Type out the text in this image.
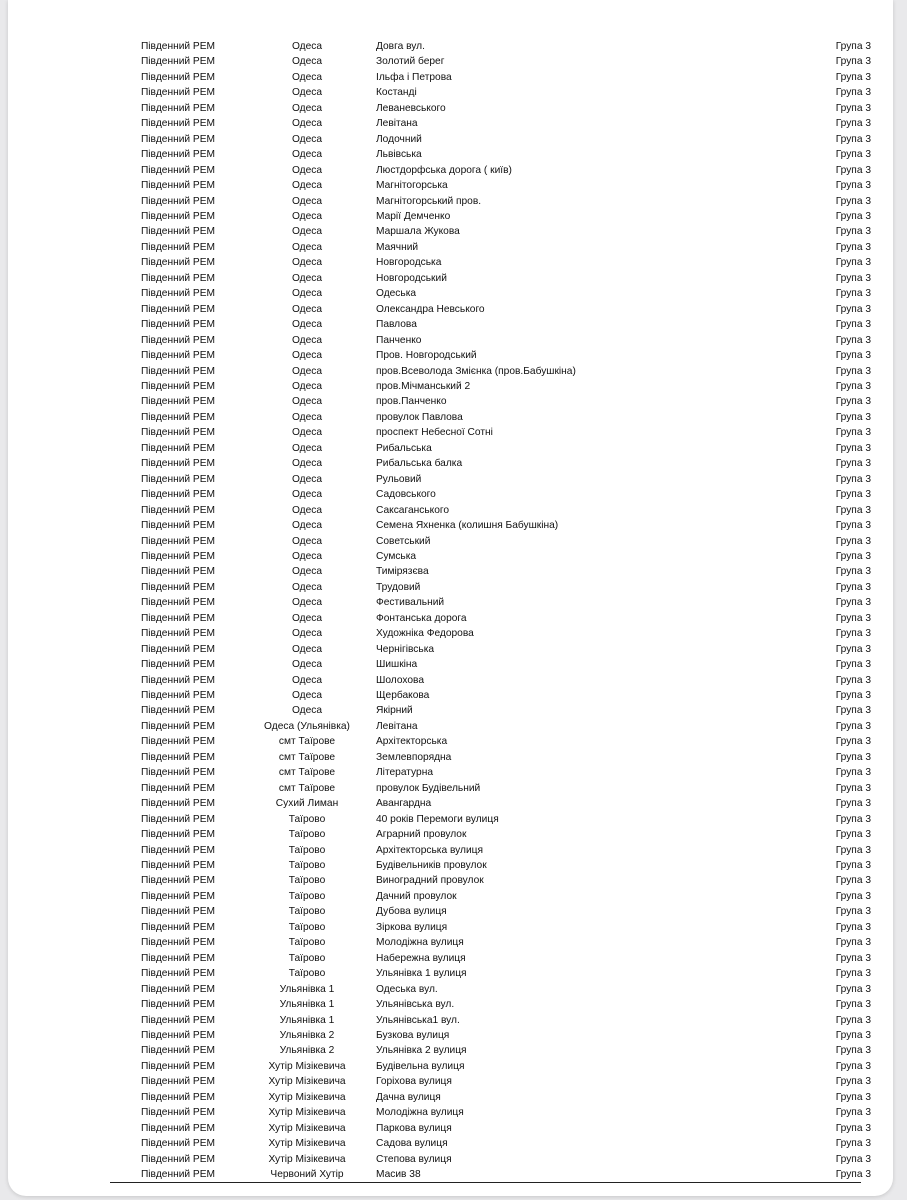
Південний РЕМ	Одеса	Довга вул.	Група 3
Південний РЕМ	Одеса	Золотий берег	Група 3
Південний РЕМ	Одеса	Ільфа і Петрова	Група 3
Південний РЕМ	Одеса	Костанді	Група 3
Південний РЕМ	Одеса	Леваневського	Група 3
Південний РЕМ	Одеса	Левітана	Група 3
Південний РЕМ	Одеса	Лодочний	Група 3
Південний РЕМ	Одеса	Львівська	Група 3
Південний РЕМ	Одеса	Люстдорфська дорога ( київ)	Група 3
Південний РЕМ	Одеса	Магнітогорська	Група 3
Південний РЕМ	Одеса	Магнітогорський пров.	Група 3
Південний РЕМ	Одеса	Марії Демченко	Група 3
Південний РЕМ	Одеса	Маршала Жукова	Група 3
Південний РЕМ	Одеса	Маячний	Група 3
Південний РЕМ	Одеса	Новгородська	Група 3
Південний РЕМ	Одеса	Новгородський	Група 3
Південний РЕМ	Одеса	Одеська	Група 3
Південний РЕМ	Одеса	Олександра Невського	Група 3
Південний РЕМ	Одеса	Павлова	Група 3
Південний РЕМ	Одеса	Панченко	Група 3
Південний РЕМ	Одеса	Пров. Новгородський	Група 3
Південний РЕМ	Одеса	пров.Всеволода Змієнка (пров.Бабушкіна)	Група 3
Південний РЕМ	Одеса	пров.Мічманський 2	Група 3
Південний РЕМ	Одеса	пров.Панченко	Група 3
Південний РЕМ	Одеса	провулок Павлова	Група 3
Південний РЕМ	Одеса	проспект Небесної Сотні	Група 3
Південний РЕМ	Одеса	Рибальська	Група 3
Південний РЕМ	Одеса	Рибальська балка	Група 3
Південний РЕМ	Одеса	Рульовий	Група 3
Південний РЕМ	Одеса	Садовського	Група 3
Південний РЕМ	Одеса	Саксаганського	Група 3
Південний РЕМ	Одеса	Семена Яхненка (колишня Бабушкіна)	Група 3
Південний РЕМ	Одеса	Советський	Група 3
Південний РЕМ	Одеса	Сумська	Група 3
Південний РЕМ	Одеса	Тимірязєва	Група 3
Південний РЕМ	Одеса	Трудовий	Група 3
Південний РЕМ	Одеса	Фестивальний	Група 3
Південний РЕМ	Одеса	Фонтанська дорога	Група 3
Південний РЕМ	Одеса	Художніка Федорова	Група 3
Південний РЕМ	Одеса	Чернігівська	Група 3
Південний РЕМ	Одеса	Шишкіна	Група 3
Південний РЕМ	Одеса	Шолохова	Група 3
Південний РЕМ	Одеса	Щербакова	Група 3
Південний РЕМ	Одеса	Якірний	Група 3
Південний РЕМ	Одеса (Ульянівка)	Левітана	Група 3
Південний РЕМ	смт Таїрове	Архітекторська	Група 3
Південний РЕМ	смт Таїрове	Землевпорядна	Група 3
Південний РЕМ	смт Таїрове	Літературна	Група 3
Південний РЕМ	смт Таїрове	провулок Будівельний	Група 3
Південний РЕМ	Сухий Лиман	Авангардна	Група 3
Південний РЕМ	Таїрово	40 років Перемоги вулиця	Група 3
Південний РЕМ	Таїрово	Аграрний провулок	Група 3
Південний РЕМ	Таїрово	Архітекторська вулиця	Група 3
Південний РЕМ	Таїрово	Будівельників провулок	Група 3
Південний РЕМ	Таїрово	Виноградний провулок	Група 3
Південний РЕМ	Таїрово	Дачний провулок	Група 3
Південний РЕМ	Таїрово	Дубова вулиця	Група 3
Південний РЕМ	Таїрово	Зіркова вулиця	Група 3
Південний РЕМ	Таїрово	Молодіжна вулиця	Група 3
Південний РЕМ	Таїрово	Набережна вулиця	Група 3
Південний РЕМ	Таїрово	Ульянівка 1 вулиця	Група 3
Південний РЕМ	Ульянівка 1	Одеська вул.	Група 3
Південний РЕМ	Ульянівка 1	Ульянівська вул.	Група 3
Південний РЕМ	Ульянівка 1	Ульянівська1 вул.	Група 3
Південний РЕМ	Ульянівка 2	Бузкова вулиця	Група 3
Південний РЕМ	Ульянівка 2	Ульянівка 2 вулиця	Група 3
Південний РЕМ	Хутір Мізікевича	Будівельна вулиця	Група 3
Південний РЕМ	Хутір Мізікевича	Горіхова вулиця	Група 3
Південний РЕМ	Хутір Мізікевича	Дачна вулиця	Група 3
Південний РЕМ	Хутір Мізікевича	Молодіжна вулиця	Група 3
Південний РЕМ	Хутір Мізікевича	Паркова вулиця	Група 3
Південний РЕМ	Хутір Мізікевича	Садова вулиця	Група 3
Південний РЕМ	Хутір Мізікевича	Степова вулиця	Група 3
Південний РЕМ	Червоний Хутір	Масив 38	Група 3
